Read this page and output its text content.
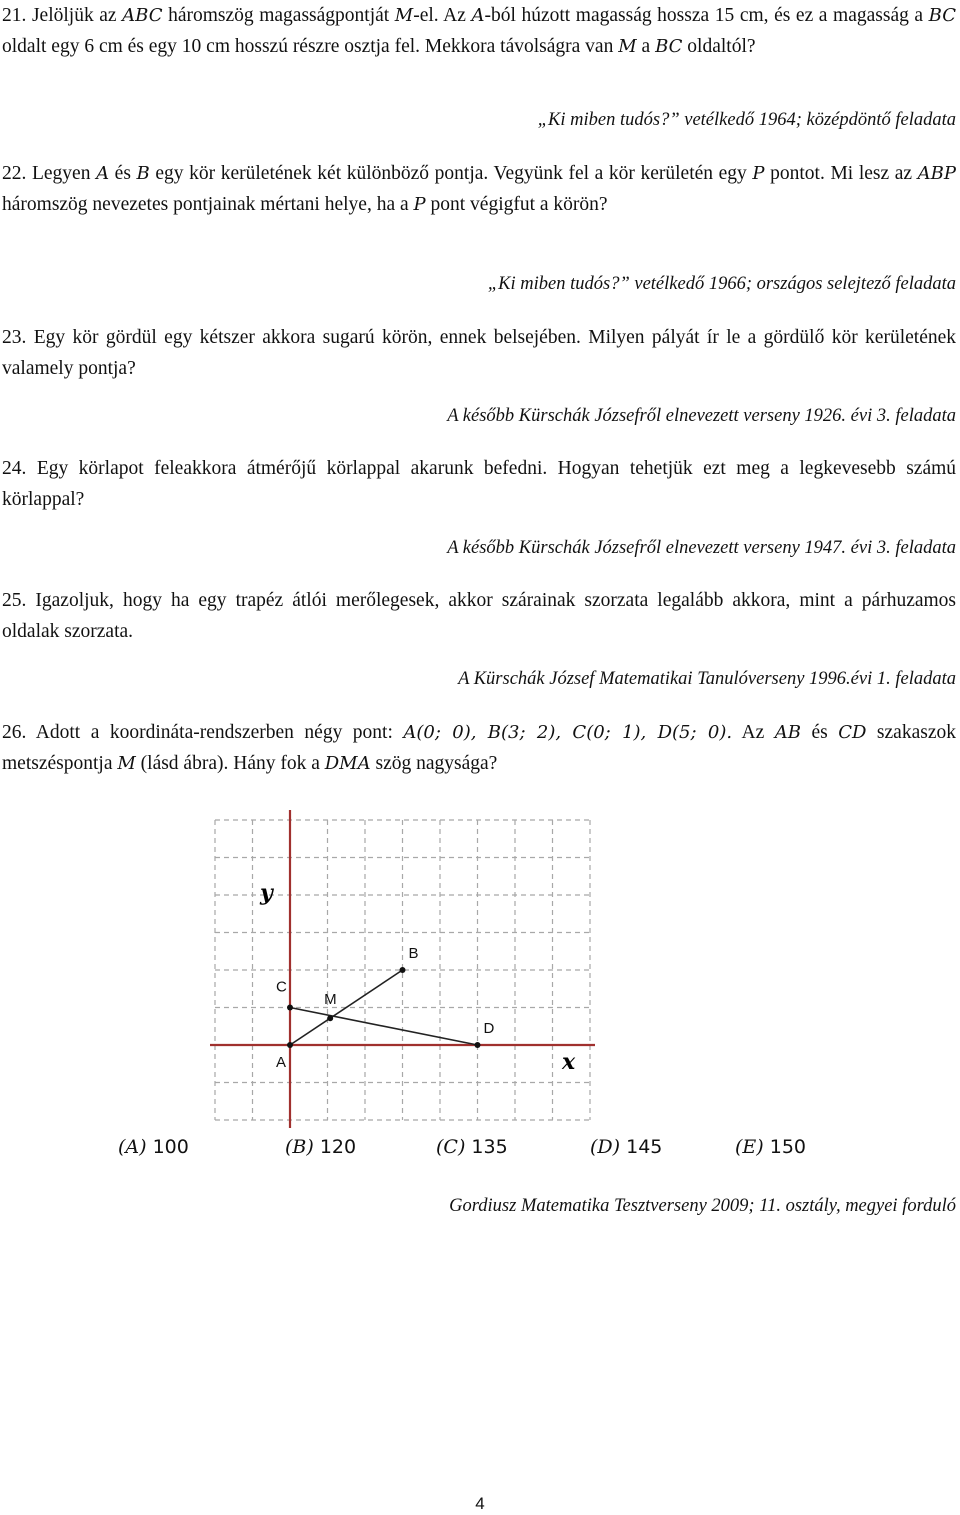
21. Jelöljük az ABC háromszög magasságpontját M-el. Az A-ból húzott magasság hossza 15 cm, és ez a magasság a BC oldalt egy 6 cm és egy 10 cm hosszú részre osztja fel. Mekkora távolságra van M a BC oldaltól?

„Ki miben tudós?” vetélkedő 1964; középdöntő feladata

22. Legyen A és B egy kör kerületének két különböző pontja. Vegyünk fel a kör kerületén egy P pontot. Mi lesz az ABP háromszög nevezetes pontjainak mértani helye, ha a P pont végigfut a körön?

„Ki miben tudós?” vetélkedő 1966; országos selejtező feladata

23. Egy kör gördül egy kétszer akkora sugarú körön, ennek belsejében. Milyen pályát ír le a gördülő kör kerületének valamely pontja?

A később Kürschák Józsefről elnevezett verseny 1926. évi 3. feladata

24. Egy körlapot feleakkora átmérőjű körlappal akarunk befedni. Hogyan tehetjük ezt meg a legkevesebb számú körlappal?

A később Kürschák Józsefről elnevezett verseny 1947. évi 3. feladata

25. Igazoljuk, hogy ha egy trapéz átlói merőlegesek, akkor szárainak szorzata legalább akkora, mint a párhuzamos oldalak szorzata.

A Kürschák József Matematikai Tanulóverseny 1996.évi 1. feladata

26. Adott a koordináta-rendszerben négy pont: A(0; 0), B(3; 2), C(0; 1), D(5; 0). Az AB és CD szakaszok metszéspontja M (lásd ábra). Hány fok a DMA szög nagysága?

A
B
C
D
M
y
x
(A) 100	(B) 120	(C) 135	(D) 145	(E) 150
Gordiusz Matematika Tesztverseny 2009; 11. osztály, megyei forduló
4
